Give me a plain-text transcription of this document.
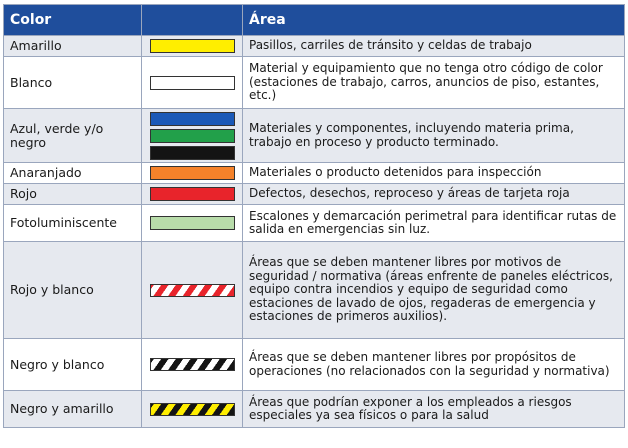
Color		Área
Amarillo		Pasillos, carriles de tránsito y celdas de trabajo
Blanco		Material y equipamiento que no tenga otro código de color (estaciones de trabajo, carros, anuncios de piso, estantes, etc.)
Azul, verde y/o negro		Materiales y componentes, incluyendo materia prima, trabajo en proceso y producto terminado.
Anaranjado		Materiales o producto detenidos para inspección
Rojo		Defectos, desechos, reproceso y áreas de tarjeta roja
Fotoluminiscente		Escalones y demarcación perimetral para identificar rutas de salida en emergencias sin luz.
Rojo y blanco		Áreas que se deben mantener libres por motivos de seguridad / normativa (áreas enfrente de paneles eléctricos, equipo contra incendios y equipo de seguridad como estaciones de lavado de ojos, regaderas de emergencia y estaciones de primeros auxilios).
Negro y blanco		Áreas que se deben mantener libres por propósitos de operaciones (no relacionados con la seguridad y normativa)
Negro y amarillo		Áreas que podrían exponer a los empleados a riesgos especiales ya sea físicos o para la salud
